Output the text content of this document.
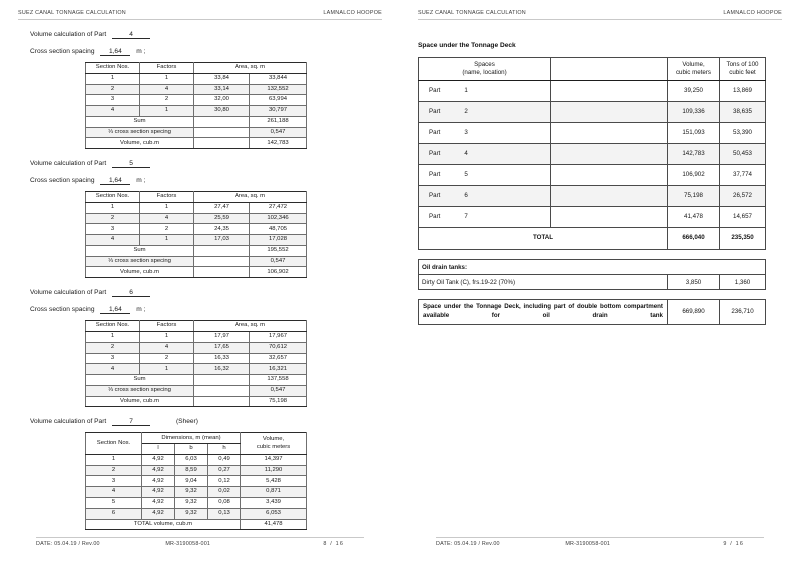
SUEZ CANAL TONNAGE CALCULATION	LAMNALCO HOOPOE
Volume calculation of Part	4
Cross section spacing 1,64 m ;
Section Nos.	Factors	Area, sq. m	
1	1	33,84	33,844
2	4	33,14	132,552
3	2	32,00	63,994
4	1	30,80	30,797
Sum			261,188
⅓ cross section specing			0,547
Volume, cub.m			142,783
Volume calculation of Part	5
Cross section spacing 1,64 m ;
Section Nos.	Factors	Area, sq. m	
1	1	27,47	27,472
2	4	25,59	102,346
3	2	24,35	48,705
4	1	17,03	17,028
Sum			195,552
⅓ cross section specing			0,547
Volume, cub.m			106,902
Volume calculation of Part	6
Cross section spacing 1,64 m ;
Section Nos.	Factors	Area, sq. m	
1	1	17,97	17,967
2	4	17,65	70,612
3	2	16,33	32,657
4	1	16,32	16,321
Sum			137,558
⅓ cross section specing			0,547
Volume, cub.m			75,198
Volume calculation of Part	7	(Sheer)
Section Nos.	Dimensions, m (mean)			Volume,
cubic meters
	l	b	h	
1	4,92	6,03	0,49	14,397
2	4,92	8,59	0,27	11,290
3	4,92	9,04	0,12	5,428
4	4,92	9,32	0,02	0,871
5	4,92	9,32	0,08	3,439
6	4,92	9,32	0,13	6,053
TOTAL volume, cub.m				41,478
DATE: 05.04.19 / Rev.00	MR-3190058-001	8 / 16
SUEZ CANAL TONNAGE CALCULATION	LAMNALCO HOOPOE
Space under the Tonnage Deck
Spaces
(name, location)		Volume,
cubic meters	Tons of 100
cubic feet
Part 1		39,250	13,869
Part 2		109,336	38,635
Part 3		151,093	53,390
Part 4		142,783	50,453
Part 5		106,902	37,774
Part 6		75,198	26,572
Part 7		41,478	14,657
TOTAL		666,040	235,350
Oil drain tanks:
Dirty Oil Tank (C), frs.19-22 (70%)	3,850	1,360
Space under the Tonnage Deck, including part of double bottom compartment available for oil drain tank	669,890	236,710
DATE: 05.04.19 / Rev.00	MR-3190058-001	9 / 16
